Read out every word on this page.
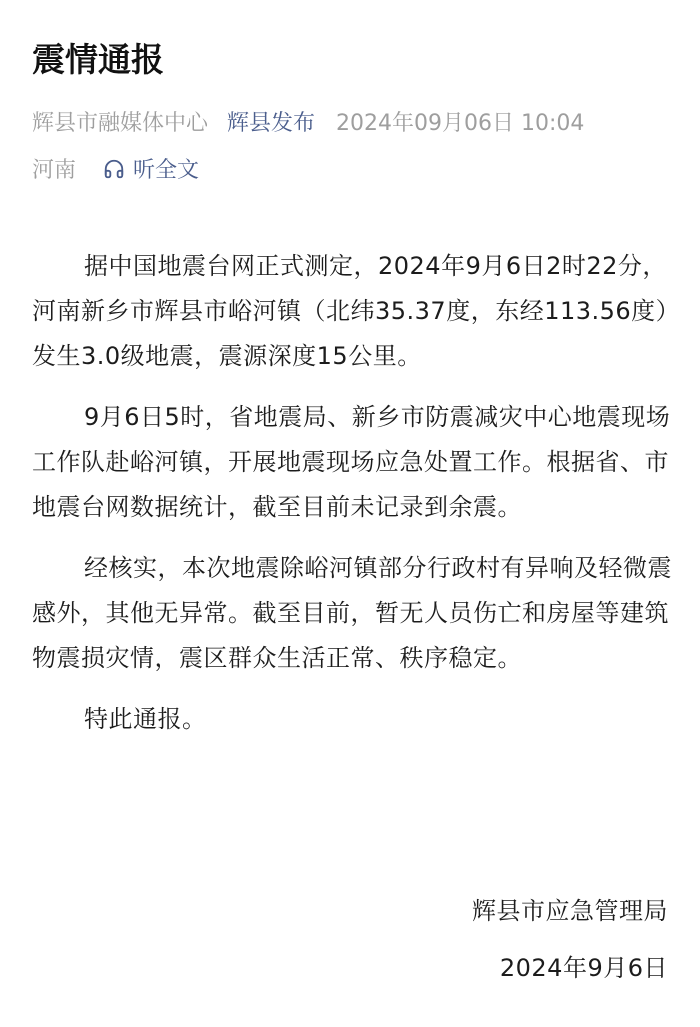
震情通报
辉县市融媒体中心 辉县发布 2024年09月06日 10:04
河南	听全文

据中国地震台网正式测定，2024年9月6日2时22分，河南新乡市辉县市峪河镇（北纬35.37度，东经113.56度）发生3.0级地震，震源深度15公里。

9月6日5时，省地震局、新乡市防震减灾中心地震现场工作队赴峪河镇，开展地震现场应急处置工作。根据省、市地震台网数据统计，截至目前未记录到余震。

经核实，本次地震除峪河镇部分行政村有异响及轻微震感外，其他无异常。截至目前，暂无人员伤亡和房屋等建筑物震损灾情，震区群众生活正常、秩序稳定。

特此通报。

辉县市应急管理局
2024年9月6日
